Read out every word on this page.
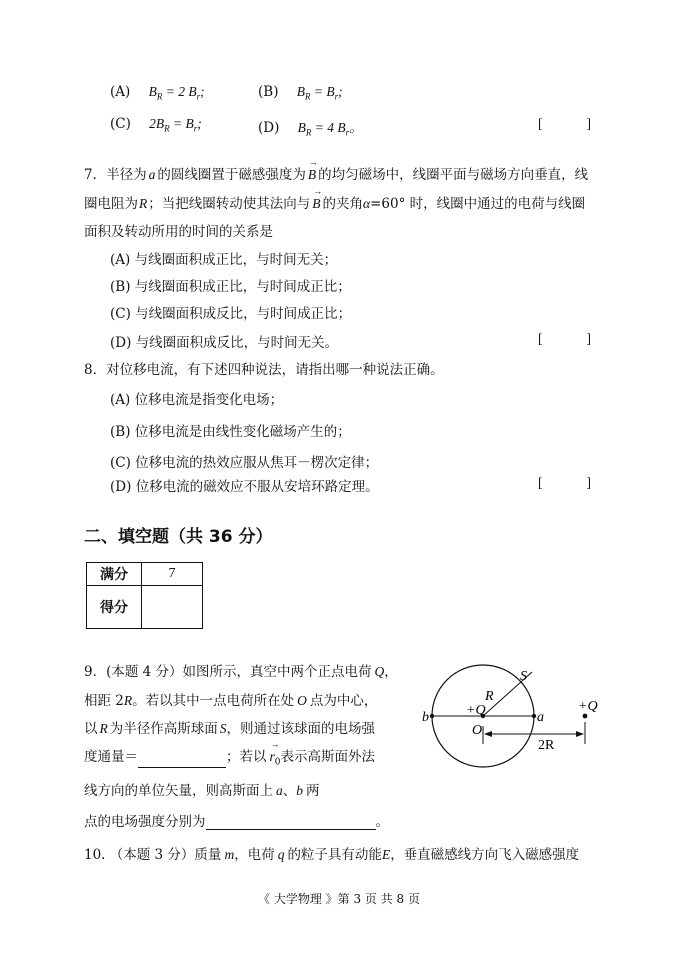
(A) $B_R = 2$ $B_r$;	(B) $B_R = B_r$;
(C) $2B_R = B_r$;	(D) $B_R = 4$ $B_r$。	[	]
7．半径为 a 的圆线圈置于磁感强度为 → B 的均匀磁场中，线圈平面与磁场方向垂直，线
圈电阻为R；当把线圈转动使其法向与 → B 的夹角α=60° 时，线圈中通过的电荷与线圈
面积及转动所用的时间的关系是
(A) 与线圈面积成正比，与时间无关；
(B) 与线圈面积成正比，与时间成正比；
(C) 与线圈面积成反比，与时间成正比；
(D) 与线圈面积成反比，与时间无关。	[	]
8．对位移电流，有下述四种说法，请指出哪一种说法正确。
(A) 位移电流是指变化电场；
(B) 位移电流是由线性变化磁场产生的；
(C) 位移电流的热效应服从焦耳－楞次定律；
(D) 位移电流的磁效应不服从安培环路定理。	[	]
二、填空题（共 36 分）
满分	7
得分	
9．(本题 4 分）如图所示，真空中两个正点电荷 Q，
相距 2R。若以其中一点电荷所在处 O 点为中心，
以 R 为半径作高斯球面 S，则通过该球面的电场强
度通量＝	；若以 → $r_0$表示高斯面外法
线方向的单位矢量，则高斯面上 a、b 两
点的电场强度分别为	。
S
R
b	+Q
O
a
+Q
2R
10. （本题 3 分）质量 m，电荷 q 的粒子具有动能E，垂直磁感线方向飞入磁感强度
《 大学物理 》第 3 页 共 8 页
